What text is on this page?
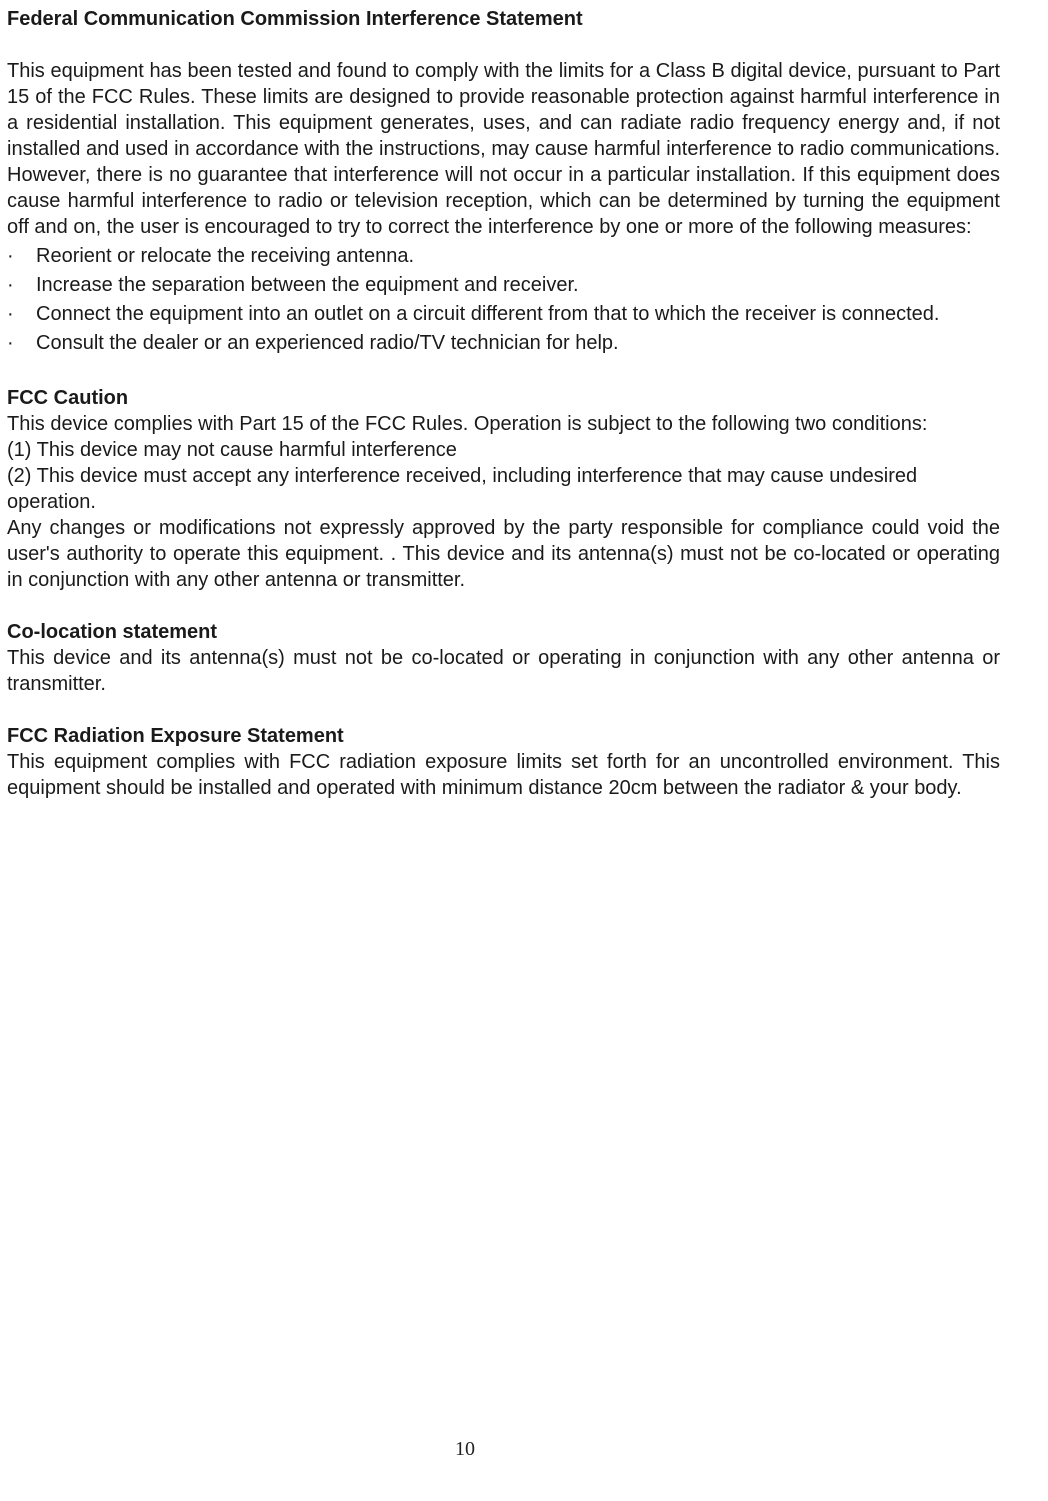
Federal Communication Commission Interference Statement

This equipment has been tested and found to comply with the limits for a Class B digital device, pursuant to Part 15 of the FCC Rules. These limits are designed to provide reasonable protection against harmful interference in a residential installation. This equipment generates, uses, and can radiate radio frequency energy and, if not installed and used in accordance with the instructions, may cause harmful interference to radio communications. However, there is no guarantee that interference will not occur in a particular installation. If this equipment does cause harmful interference to radio or television reception, which can be determined by turning the equipment off and on, the user is encouraged to try to correct the interference by one or more of the following measures:

· Reorient or relocate the receiving antenna.
· Increase the separation between the equipment and receiver.
· Connect the equipment into an outlet on a circuit different from that to which the receiver is connected.
· Consult the dealer or an experienced radio/TV technician for help.
FCC Caution

This device complies with Part 15 of the FCC Rules. Operation is subject to the following two conditions:

(1) This device may not cause harmful interference

(2) This device must accept any interference received, including interference that may cause undesired operation.

Any changes or modifications not expressly approved by the party responsible for compliance could void the user's authority to operate this equipment. . This device and its antenna(s) must not be co-located or operating in conjunction with any other antenna or transmitter.

Co-location statement

This device and its antenna(s) must not be co-located or operating in conjunction with any other antenna or transmitter.

FCC Radiation Exposure Statement

This equipment complies with FCC radiation exposure limits set forth for an uncontrolled environment. This equipment should be installed and operated with minimum distance 20cm between the radiator & your body.

10
